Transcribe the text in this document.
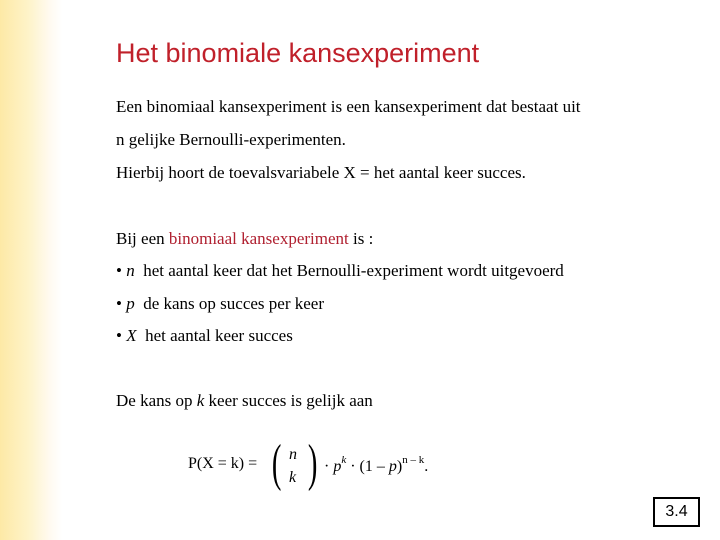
Het binomiale kansexperiment
Een binomiaal kansexperiment is een kansexperiment dat bestaat uit
n gelijke Bernoulli-experimenten.
Hierbij hoort de toevalsvariabele X = het aantal keer succes.
Bij een binomiaal kansexperiment is :
• n het aantal keer dat het Bernoulli-experiment wordt uitgevoerd
• p de kans op succes per keer
• X het aantal keer succes
De kans op k keer succes is gelijk aan
P(X = k) = ( )
n
k
· $p^k \cdot (1 - p)^{n - k}$.
3.4
